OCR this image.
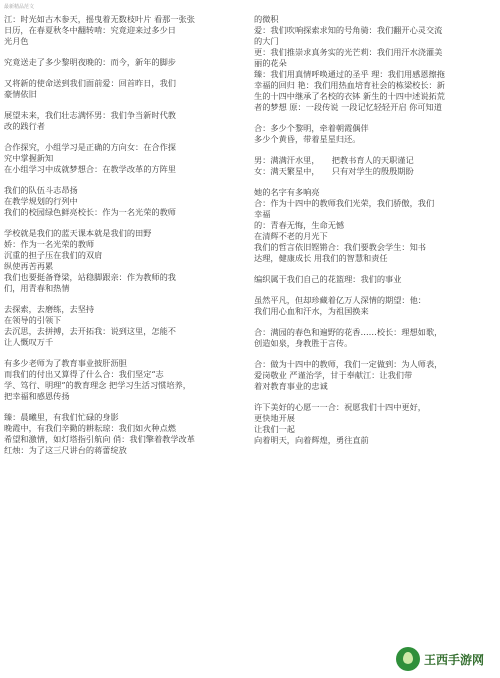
最新精品范文
江：时光如古木参天，摇曳着无数枝叶片 看那一张张
日历，在春夏秋冬中翻转啃：究竟迎来过多少日
光月色
究竟送走了多少黎明夜晚的：而今，新年的脚步
又将新的使命送到我们面前爱：回首昨日，我们
豪情依旧
展望未来，我们壮志满怀男：我们争当新时代教
改的践行者
合作探究，小组学习是正确的方向女：在合作探
究中掌握新知
在小组学习中成就梦想合：在教学改革的方阵里
我们的队伍斗志昂扬
在教学规划的行列中
我们的校园绿色鲜亮校长：作为一名光荣的教师
学校就是我们的蓝天课本就是我们的田野
娇：作为一名光荣的教师
沉重的担子压在我们的双肩
纵使再苦再累
我们也要挺备脊梁，站稳脚跟亲：作为教师的我
们，用青春和热情
去探索，去磨练，去坚持
在领导的引领下
去沉思，去拼搏，去开拓我：说到这里，怎能不
让人慨叹万千
有多少老师为了教育事业披肝沥胆
而我们的付出又算得了什么合：我们坚定“志
学、笃行、明理”的教育理念 把学习生活习惯培养，
把幸福和感恩传扬
臻：晨曦里，有我们忙碌的身影
晚霞中，有我们辛勤的耕耘琼：我们如火种点燃
希望和激情，如灯塔指引航向 俏：我们擎着教学改革
红烛：为了这三尺讲台的蒋蕾绽放
的微积
爱：我们吹响探索求知的号角骑：我们翻开心灵交流
的大门
更：我们推崇求真务实的光芒莉：我们用汗水浇灌美
丽的花朵
臻：我们用真情呼唤通过的圣乎 理：我们用感恩擦拖
幸福的回归 艳：我们用热血培育社会的栋梁校长：新
生的十四中继承了名校的衣钵 新生的十四中述说拓荒
者的梦想 原：一段传说 一段记忆轻轻开启 你可知道
合：多少个黎明，牵着朝霞偶伴
多少个黄昏，带着星星归还。
男：满满汗水里，　　把教书育人的天职谨记
女：满天繁星中，　　只有对学生的殷殷期盼
她的名字有多响亮
合：作为十四中的教师我们光荣，我们骄傲，我们
幸福
的：青春无悔，生命无憾
在清辉不老的月光下
我们的哲言依旧铿锵合：我们要教会学生：知书
达理，健康成长 用我们的智慧和责任
编织属于我们自己的花篮理：我们的事业
虽然平凡，但却珍藏着亿万人深情的期望：他：
我们用心血和汗水，为祖国换来
合：满园的春色和遍野的花香……校长：理想如歌，
创造如泉，身教胜于言传。
合：做为十四中的教师，我们一定做到：为人师表，
爱岗敬业 严谨治学，甘于奉献江：让我们带
着对教育事业的忠诚
许下美好的心愿一一合：祝愿我们十四中更好，
更快地开展
让我们一起
向着明天，向着辉煌，勇往直前
王西手游网
